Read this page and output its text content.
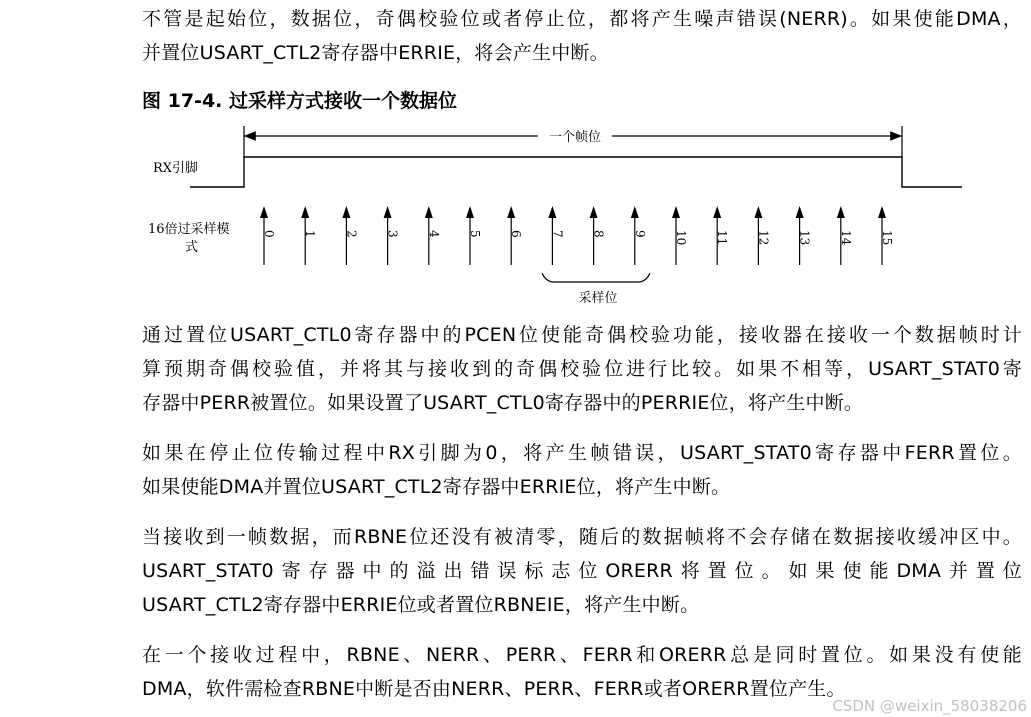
不管是起始位，数据位，奇偶校验位或者停止位，都将产生噪声错误(NERR)。如果使能DMA，
并置位USART_CTL2寄存器中ERRIE，将会产生中断。
图 17-4. 过采样方式接收一个数据位
一个帧位
RX引脚
16倍过采样模
式
0 1 2 3 4 5 6 7 8 9 10 11 12 13 14 15
采样位
通过置位USART_CTL0寄存器中的PCEN位使能奇偶校验功能，接收器在接收一个数据帧时计
算预期奇偶校验值，并将其与接收到的奇偶校验位进行比较。如果不相等，USART_STAT0寄
存器中PERR被置位。如果设置了USART_CTL0寄存器中的PERRIE位，将产生中断。
如果在停止位传输过程中RX引脚为0，将产生帧错误，USART_STAT0寄存器中FERR置位。
如果使能DMA并置位USART_CTL2寄存器中ERRIE位，将产生中断。
当接收到一帧数据，而RBNE位还没有被清零，随后的数据帧将不会存储在数据接收缓冲区中。
USART_STAT0寄存器中的溢出错误标志位ORERR将置位。如果使能DMA并置位
USART_CTL2寄存器中ERRIE位或者置位RBNEIE，将产生中断。
在一个接收过程中，RBNE、NERR、PERR、FERR和ORERR总是同时置位。如果没有使能
DMA，软件需检查RBNE中断是否由NERR、PERR、FERR或者ORERR置位产生。
CSDN @weixin_58038206
